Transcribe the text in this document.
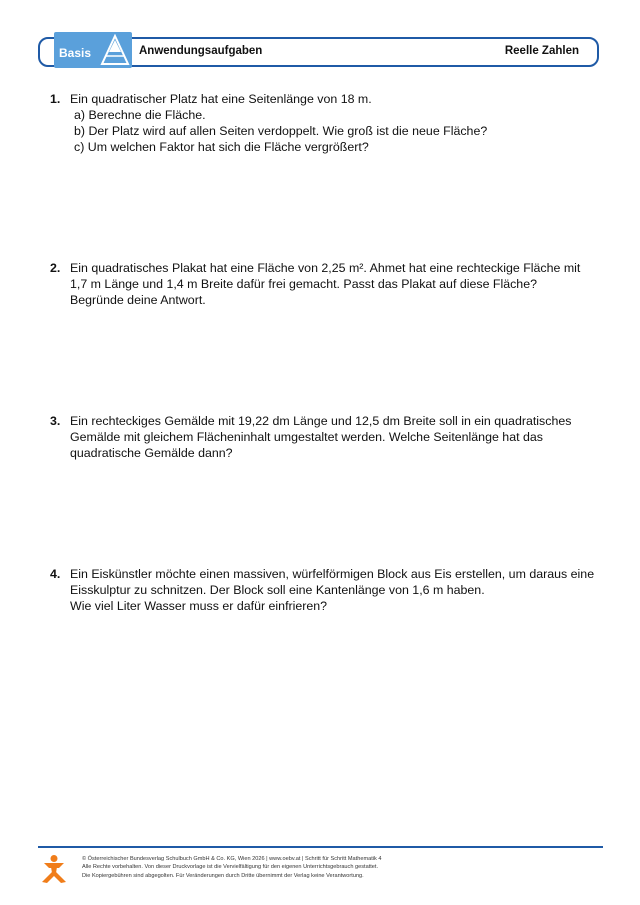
Basis	Anwendungsaufgaben	Reelle Zahlen
1. Ein quadratischer Platz hat eine Seitenlänge von 18 m.
a) Berechne die Fläche.
b) Der Platz wird auf allen Seiten verdoppelt. Wie groß ist die neue Fläche?
c) Um welchen Faktor hat sich die Fläche vergrößert?
2. Ein quadratisches Plakat hat eine Fläche von 2,25 m². Ahmet hat eine rechteckige Fläche mit
1,7 m Länge und 1,4 m Breite dafür frei gemacht. Passt das Plakat auf diese Fläche?
Begründe deine Antwort.
3. Ein rechteckiges Gemälde mit 19,22 dm Länge und 12,5 dm Breite soll in ein quadratisches
Gemälde mit gleichem Flächeninhalt umgestaltet werden. Welche Seitenlänge hat das
quadratische Gemälde dann?
4. Ein Eiskünstler möchte einen massiven, würfelförmigen Block aus Eis erstellen, um daraus eine
Eisskulptur zu schnitzen. Der Block soll eine Kantenlänge von 1,6 m haben.
Wie viel Liter Wasser muss er dafür einfrieren?
© Österreichischer Bundesverlag Schulbuch GmbH & Co. KG, Wien 2026 | www.oebv.at | Schritt für Schritt Mathematik 4
Alle Rechte vorbehalten. Von dieser Druckvorlage ist die Vervielfältigung für den eigenen Unterrichtsgebrauch gestattet.
Die Kopiergebühren sind abgegolten. Für Veränderungen durch Dritte übernimmt der Verlag keine Verantwortung.
